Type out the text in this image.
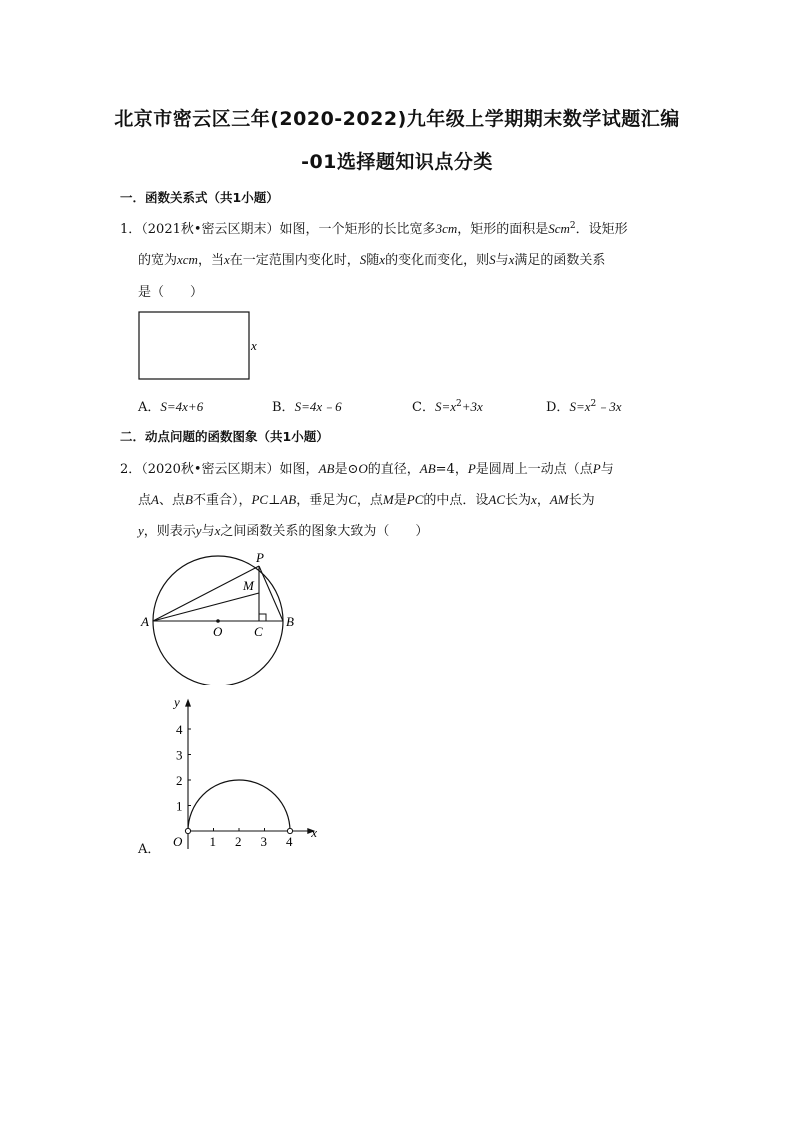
北京市密云区三年(2020-2022)九年级上学期期末数学试题汇编
-01选择题知识点分类
一．函数关系式（共1小题）
1．（2021秋•密云区期末）如图，一个矩形的长比宽多3cm，矩形的面积是Scm$^2$．设矩形
的宽为xcm，当x在一定范围内变化时，S随x的变化而变化，则S与x满足的函数关系
是（　　）
x
A．S=4x+6	B．S=4x﹣6	C．$S=x^2+3x$	D．$S=x^2﹣3x$
二．动点问题的函数图象（共1小题）
2．（2020秋•密云区期末）如图，AB是⊙O的直径，AB=4，P是圆周上一动点（点P与
点A、点B不重合），PC⊥AB，垂足为C，点M是PC的中点．设AC长为x，AM长为
y，则表示y与x之间函数关系的图象大致为（　　）
P
M
A
O C
B
1 2 3 4
1
2
3
4
x
y
O
A．
